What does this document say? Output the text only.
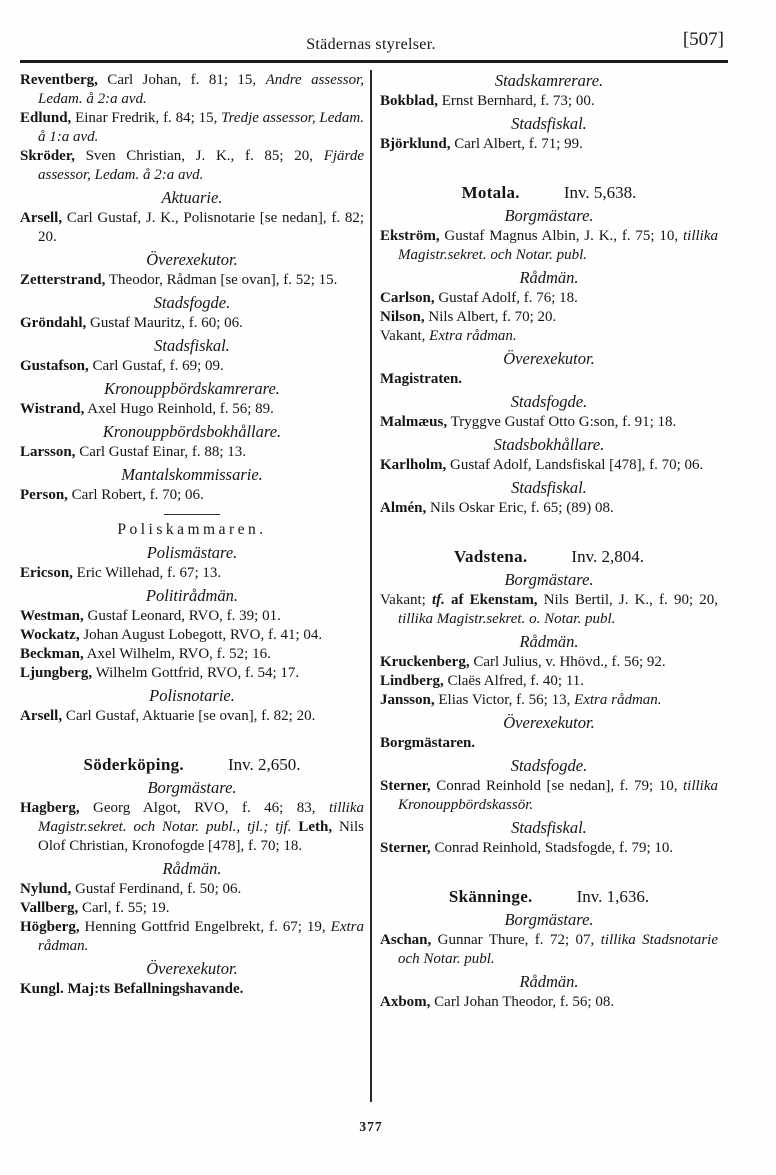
Städernas styrelser.	[507]

Reventberg, Carl Johan, f. 81; 15, Andre assessor, Ledam. å 2:a avd.

Edlund, Einar Fredrik, f. 84; 15, Tredje assessor, Ledam. å 1:a avd.

Skröder, Sven Christian, J. K., f. 85; 20, Fjärde assessor, Ledam. å 2:a avd.

Aktuarie.

Arsell, Carl Gustaf, J. K., Polisnotarie [se nedan], f. 82; 20.

Överexekutor.

Zetterstrand, Theodor, Rådman [se ovan], f. 52; 15.

Stadsfogde.

Gröndahl, Gustaf Mauritz, f. 60; 06.

Stadsfiskal.

Gustafson, Carl Gustaf, f. 69; 09.

Kronouppbördskamrerare.

Wistrand, Axel Hugo Reinhold, f. 56; 89.

Kronouppbördsbokhållare.

Larsson, Carl Gustaf Einar, f. 88; 13.

Mantalskommissarie.

Person, Carl Robert, f. 70; 06.

Poliskammaren.

Polismästare.

Ericson, Eric Willehad, f. 67; 13.

Politirådmän.

Westman, Gustaf Leonard, RVO, f. 39; 01.

Wockatz, Johan August Lobegott, RVO, f. 41; 04.

Beckman, Axel Wilhelm, RVO, f. 52; 16.

Ljungberg, Wilhelm Gottfrid, RVO, f. 54; 17.

Polisnotarie.

Arsell, Carl Gustaf, Aktuarie [se ovan], f. 82; 20.

Söderköping.	Inv. 2,650.

Borgmästare.

Hagberg, Georg Algot, RVO, f. 46; 83, tillika Magistr.sekret. och Notar. publ., tjl.; tjf. Leth, Nils Olof Christian, Kronofogde [478], f. 70; 18.

Rådmän.

Nylund, Gustaf Ferdinand, f. 50; 06.

Vallberg, Carl, f. 55; 19.

Högberg, Henning Gottfrid Engelbrekt, f. 67; 19, Extra rådman.

Överexekutor.

Kungl. Maj:ts Befallningshavande.

Stadskamrerare.

Bokblad, Ernst Bernhard, f. 73; 00.

Stadsfiskal.

Björklund, Carl Albert, f. 71; 99.

Motala.	Inv. 5,638.

Borgmästare.

Ekström, Gustaf Magnus Albin, J. K., f. 75; 10, tillika Magistr.sekret. och Notar. publ.

Rådmän.

Carlson, Gustaf Adolf, f. 76; 18.

Nilson, Nils Albert, f. 70; 20.

Vakant, Extra rådman.

Överexekutor.

Magistraten.

Stadsfogde.

Malmæus, Tryggve Gustaf Otto G:son, f. 91; 18.

Stadsbokhållare.

Karlholm, Gustaf Adolf, Landsfiskal [478], f. 70; 06.

Stadsfiskal.

Almén, Nils Oskar Eric, f. 65; (89) 08.

Vadstena.	Inv. 2,804.

Borgmästare.

Vakant; tf. af Ekenstam, Nils Bertil, J. K., f. 90; 20, tillika Magistr.sekret. o. Notar. publ.

Rådmän.

Kruckenberg, Carl Julius, v. Hhövd., f. 56; 92.

Lindberg, Claës Alfred, f. 40; 11.

Jansson, Elias Victor, f. 56; 13, Extra rådman.

Överexekutor.

Borgmästaren.

Stadsfogde.

Sterner, Conrad Reinhold [se nedan], f. 79; 10, tillika Kronouppbördskassör.

Stadsfiskal.

Sterner, Conrad Reinhold, Stadsfogde, f. 79; 10.

Skänninge.	Inv. 1,636.

Borgmästare.

Aschan, Gunnar Thure, f. 72; 07, tillika Stadsnotarie och Notar. publ.

Rådmän.

Axbom, Carl Johan Theodor, f. 56; 08.

377
